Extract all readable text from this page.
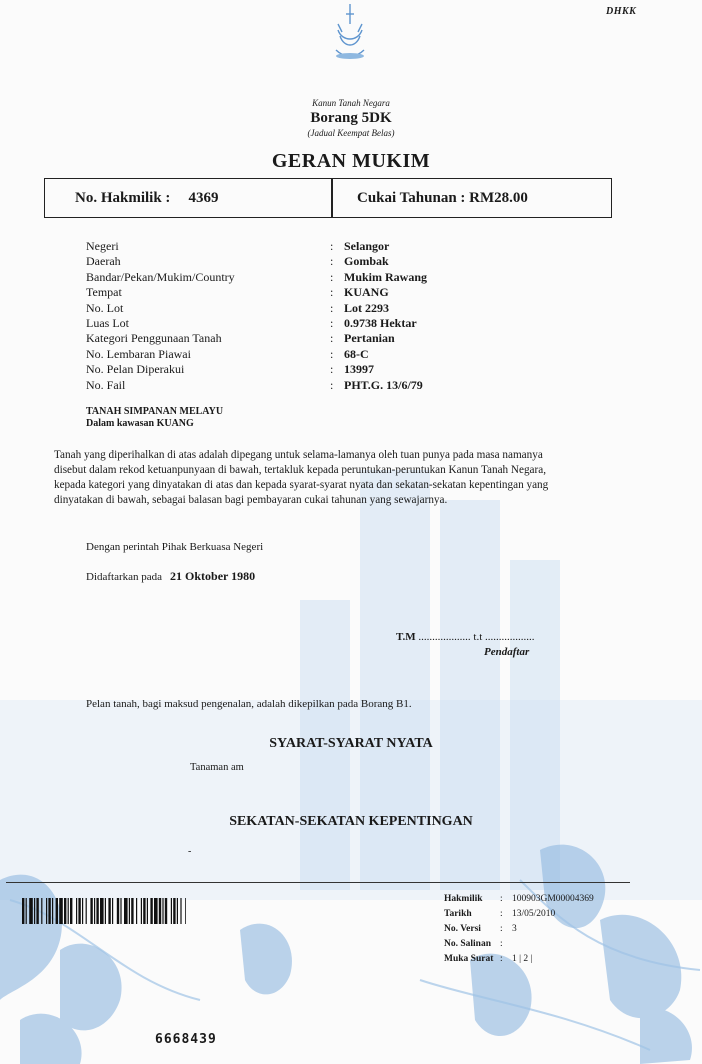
DHKK
Kanun Tanah Negara
Borang 5DK
(Jadual Keempat Belas)
GERAN MUKIM
No. Hakmilik : 4369	Cukai Tahunan : RM28.00
Negeri	: Selangor
Daerah	: Gombak
Bandar/Pekan/Mukim/Country	: Mukim Rawang
Tempat	: KUANG
No. Lot	: Lot 2293
Luas Lot	: 0.9738 Hektar
Kategori Penggunaan Tanah	: Pertanian
No. Lembaran Piawai	: 68-C
No. Pelan Diperakui	: 13997
No. Fail	: PHT.G. 13/6/79
TANAH SIMPANAN MELAYU
Dalam kawasan KUANG

Tanah yang diperihalkan di atas adalah dipegang untuk selama-lamanya oleh tuan punya pada masa namanya

disebut dalam rekod ketuanpunyaan di bawah, tertakluk kepada peruntukan-peruntukan Kanun Tanah Negara,

kepada kategori yang dinyatakan di atas dan kepada syarat-syarat nyata dan sekatan-sekatan kepentingan yang

dinyatakan di bawah, sebagai balasan bagi pembayaran cukai tahunan yang sewajarnya.

Dengan perintah Pihak Berkuasa Negeri
Didaftarkan pada 21 Oktober 1980
T.M ................... t.t ..................
Pendaftar
Pelan tanah, bagi maksud pengenalan, adalah dikepilkan pada Borang B1.
SYARAT-SYARAT NYATA
Tanaman am
SEKATAN-SEKATAN KEPENTINGAN
-
Hakmilik : 100903GM00004369
Tarikh	: 13/05/2010
No. Versi : 3
No. Salinan :
Muka Surat : 1 | 2 |
6668439
